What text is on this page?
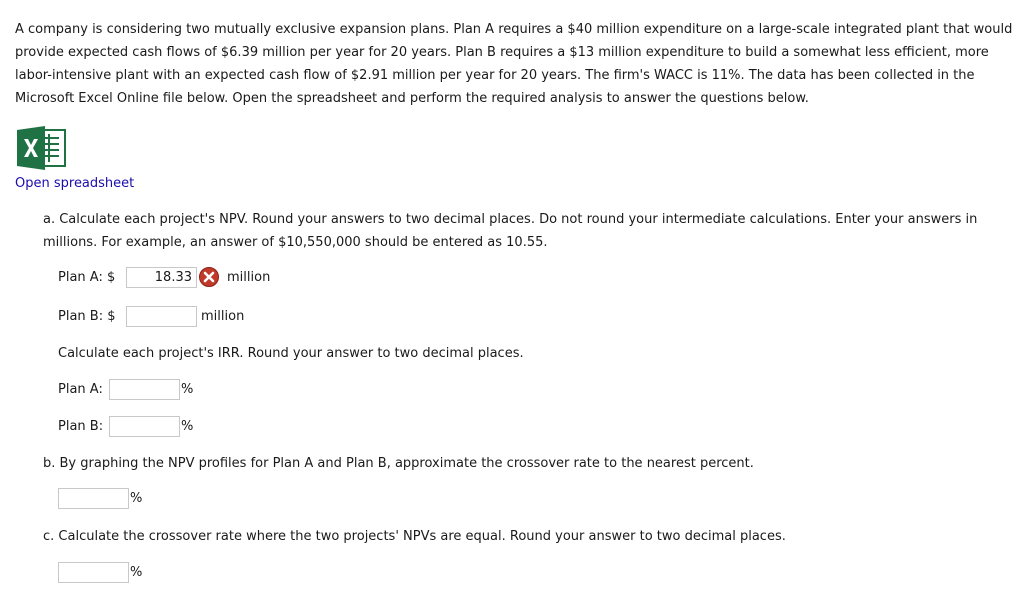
A company is considering two mutually exclusive expansion plans. Plan A requires a $40 million expenditure on a large-scale integrated plant that would provide expected cash flows of $6.39 million per year for 20 years. Plan B requires a $13 million expenditure to build a somewhat less efficient, more labor-intensive plant with an expected cash flow of $2.91 million per year for 20 years. The firm's WACC is 11%. The data has been collected in the Microsoft Excel Online file below. Open the spreadsheet and perform the required analysis to answer the questions below.

Open spreadsheet

a. Calculate each project's NPV. Round your answers to two decimal places. Do not round your intermediate calculations. Enter your answers in millions. For example, an answer of $10,550,000 should be entered as 10.55.

Plan A: $
18.33	million
Plan B: $	million

Calculate each project's IRR. Round your answer to two decimal places.

Plan A:	%
Plan B:	%

b. By graphing the NPV profiles for Plan A and Plan B, approximate the crossover rate to the nearest percent.

%

c. Calculate the crossover rate where the two projects' NPVs are equal. Round your answer to two decimal places.

%
